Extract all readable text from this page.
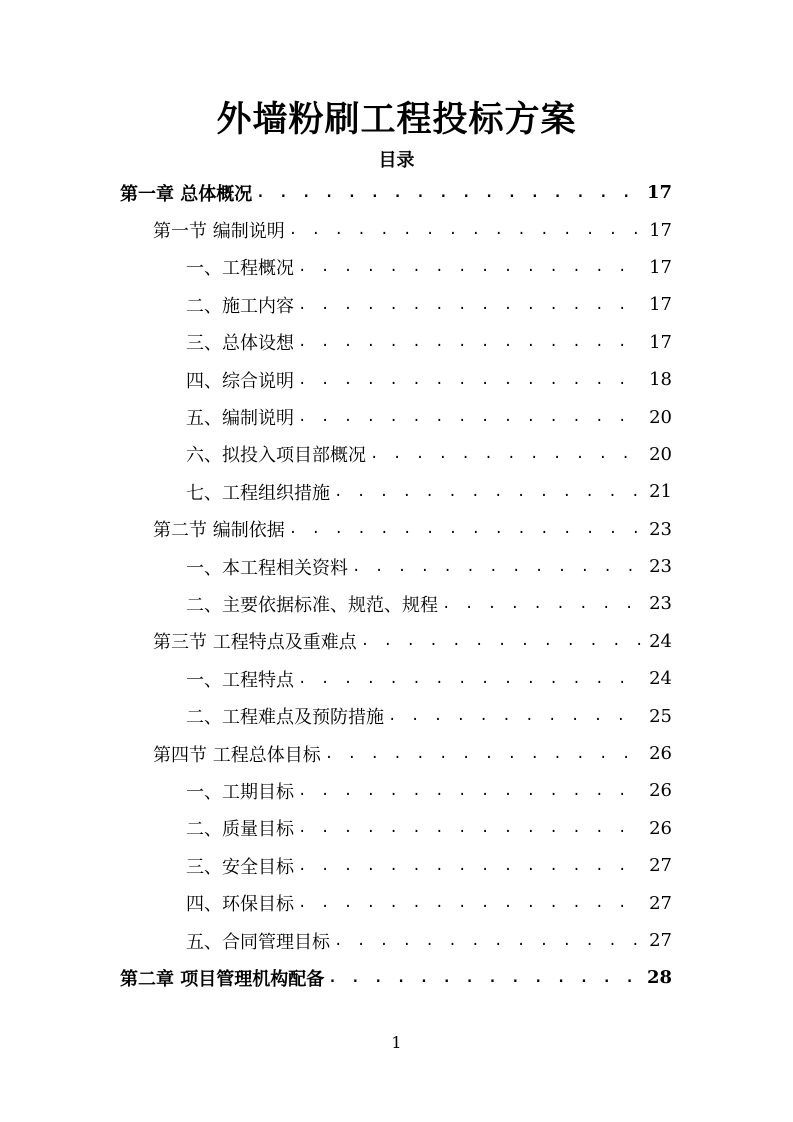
外墙粉刷工程投标方案
目录
第一章 总体概况 . . .	17
第一节 编制说明 . . .	17
一、工程概况 . . .	17
二、施工内容 . . .	17
三、总体设想 . . .	17
四、综合说明 . . .	18
五、编制说明 . . .	20
六、拟投入项目部概况 . . .	20
七、工程组织措施 . . .	21
第二节 编制依据 . . .	23
一、本工程相关资料 . . .	23
二、主要依据标准、规范、规程 . . .	23
第三节 工程特点及重难点 . . .	24
一、工程特点 . . .	24
二、工程难点及预防措施 . . .	25
第四节 工程总体目标 . . .	26
一、工期目标 . . .	26
二、质量目标 . . .	26
三、安全目标 . . .	27
四、环保目标 . . .	27
五、合同管理目标 . . .	27
第二章 项目管理机构配备 . . .	28
1
